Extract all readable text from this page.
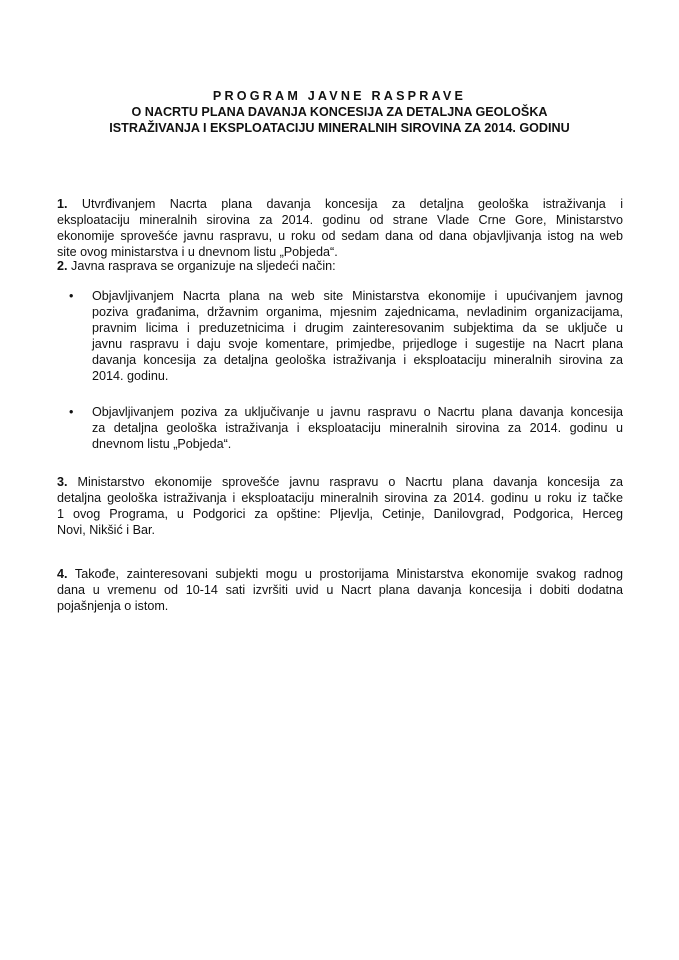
PROGRAM JAVNE RASPRAVE
O NACRTU PLANA DAVANJA KONCESIJA ZA DETALJNA GEOLOŠKA
ISTRAŽIVANJA I EKSPLOATACIJU MINERALNIH SIROVINA ZA 2014. GODINU
1. Utvrđivanjem Nacrta plana davanja koncesija za detaljna geološka istraživanja i
eksploataciju mineralnih sirovina za 2014. godinu od strane Vlade Crne Gore, Ministarstvo
ekonomije sprovešće javnu raspravu, u roku od sedam dana od dana objavljivanja istog na web
site ovog ministarstva i u dnevnom listu „Pobjeda“.
2. Javna rasprava se organizuje na sljedeći način:
• Objavljivanjem Nacrta plana na web site Ministarstva ekonomije i upućivanjem javnog
poziva građanima, državnim organima, mjesnim zajednicama, nevladinim organizacijama,
pravnim licima i preduzetnicima i drugim zainteresovanim subjektima da se uključe u
javnu raspravu i daju svoje komentare, primjedbe, prijedloge i sugestije na Nacrt plana
davanja koncesija za detaljna geološka istraživanja i eksploataciju mineralnih sirovina za
2014. godinu.
• Objavljivanjem poziva za uključivanje u javnu raspravu o Nacrtu plana davanja koncesija
za detaljna geološka istraživanja i eksploataciju mineralnih sirovina za 2014. godinu u
dnevnom listu „Pobjeda“.
3. Ministarstvo ekonomije sprovešće javnu raspravu o Nacrtu plana davanja koncesija za
detaljna geološka istraživanja i eksploataciju mineralnih sirovina za 2014. godinu u roku iz tačke
1 ovog Programa, u Podgorici za opštine: Pljevlja, Cetinje, Danilovgrad, Podgorica, Herceg
Novi, Nikšić i Bar.
4. Takođe, zainteresovani subjekti mogu u prostorijama Ministarstva ekonomije svakog radnog
dana u vremenu od 10-14 sati izvršiti uvid u Nacrt plana davanja koncesija i dobiti dodatna
pojašnjenja o istom.
